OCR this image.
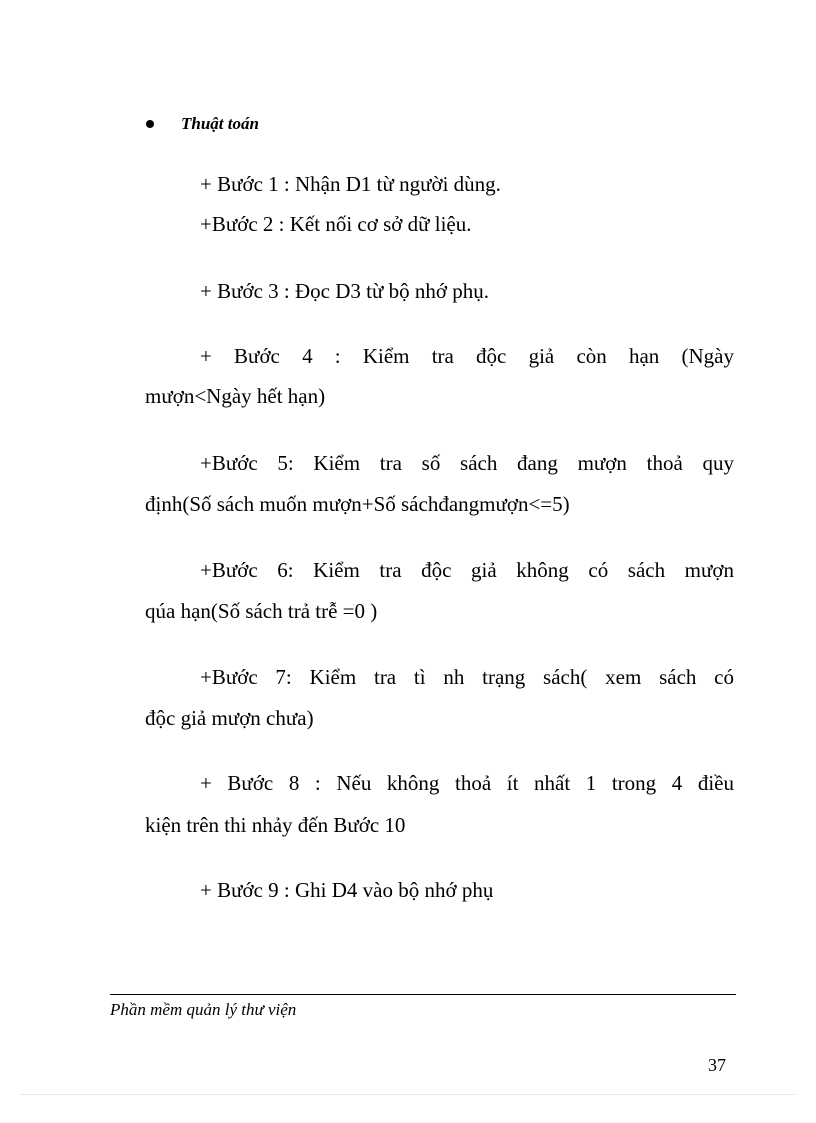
Thuật toán
+ Bước 1 : Nhận D1 từ người dùng.
+Bước 2 : Kết nối cơ sở dữ liệu.
+ Bước 3 : Đọc D3 từ bộ nhớ phụ.
+ Bước 4 : Kiểm tra độc giả còn hạn (Ngày
mượn<Ngày hết hạn)
+Bước 5: Kiểm tra số sách đang mượn thoả quy
định(Số sách muốn mượn+Số sáchđangmượn<=5)
+Bước 6: Kiểm tra độc giả không có sách mượn
qúa hạn(Số sách trả trễ =0 )
+Bước 7: Kiểm tra tì nh trạng sách( xem sách có
độc giả mượn chưa)
+ Bước 8 : Nếu không thoả ít nhất 1 trong 4 điều
kiện trên thi nhảy đến Bước 10
+ Bước 9 : Ghi D4 vào bộ nhớ phụ
Phần mềm quản lý thư viện
37
